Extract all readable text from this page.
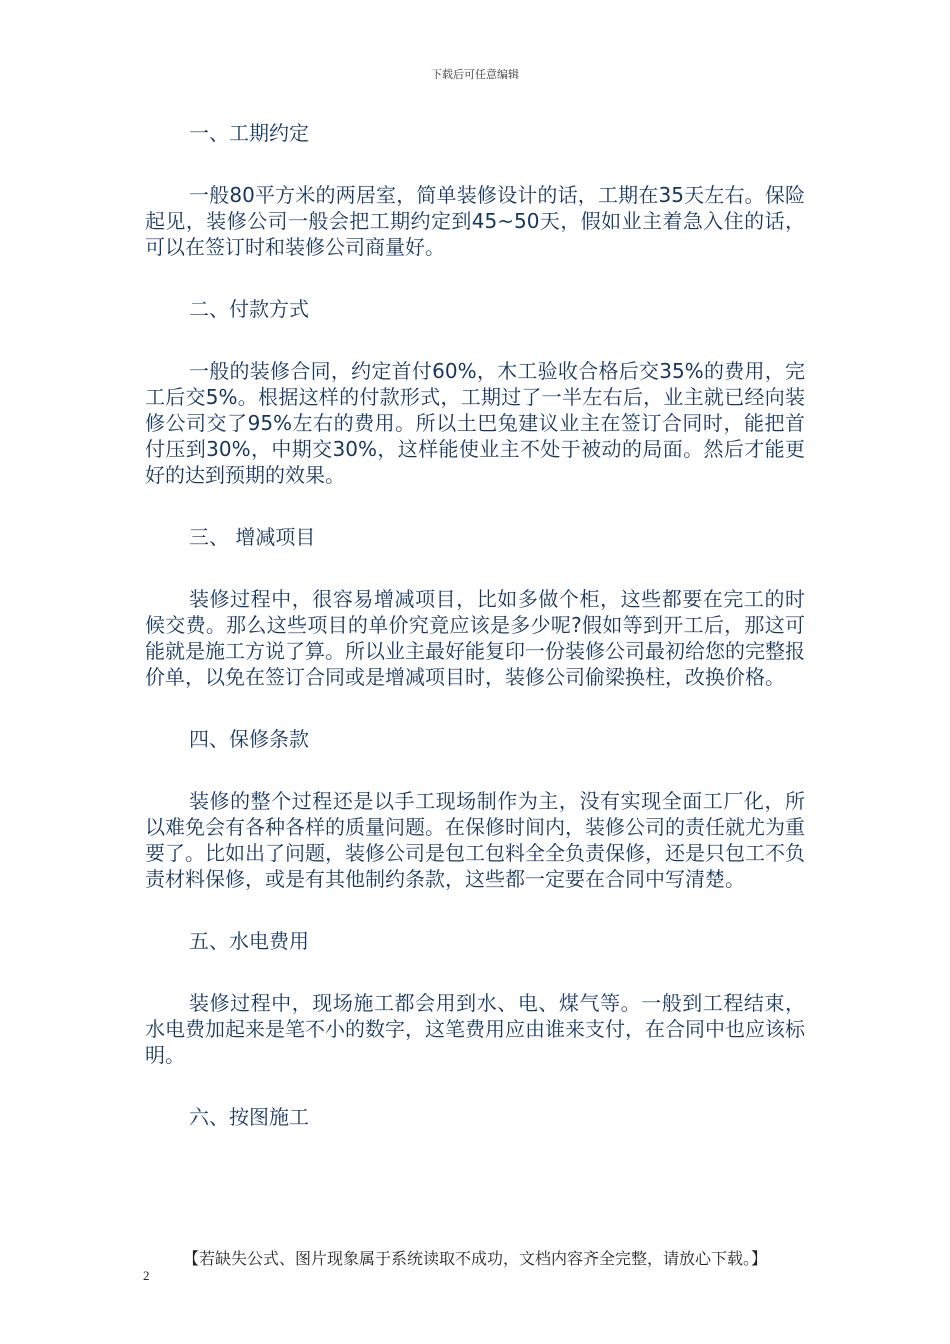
下载后可任意编辑
一、工期约定

一般80平方米的两居室，简单装修设计的话，工期在35天左右。保险起见，装修公司一般会把工期约定到45~50天，假如业主着急入住的话，可以在签订时和装修公司商量好。

二、付款方式

一般的装修合同，约定首付60%，木工验收合格后交35%的费用，完工后交5%。根据这样的付款形式，工期过了一半左右后，业主就已经向装修公司交了95%左右的费用。所以土巴兔建议业主在签订合同时，能把首付压到30%，中期交30%，这样能使业主不处于被动的局面。然后才能更好的达到预期的效果。

三、 增减项目

装修过程中，很容易增减项目，比如多做个柜，这些都要在完工的时候交费。那么这些项目的单价究竟应该是多少呢?假如等到开工后，那这可能就是施工方说了算。所以业主最好能复印一份装修公司最初给您的完整报价单，以免在签订合同或是增减项目时，装修公司偷梁换柱，改换价格。

四、保修条款

装修的整个过程还是以手工现场制作为主，没有实现全面工厂化，所以难免会有各种各样的质量问题。在保修时间内，装修公司的责任就尤为重要了。比如出了问题，装修公司是包工包料全全负责保修，还是只包工不负责材料保修，或是有其他制约条款，这些都一定要在合同中写清楚。

五、水电费用

装修过程中，现场施工都会用到水、电、煤气等。一般到工程结束，水电费加起来是笔不小的数字，这笔费用应由谁来支付，在合同中也应该标明。

六、按图施工
【若缺失公式、图片现象属于系统读取不成功，文档内容齐全完整，请放心下载。】
2
